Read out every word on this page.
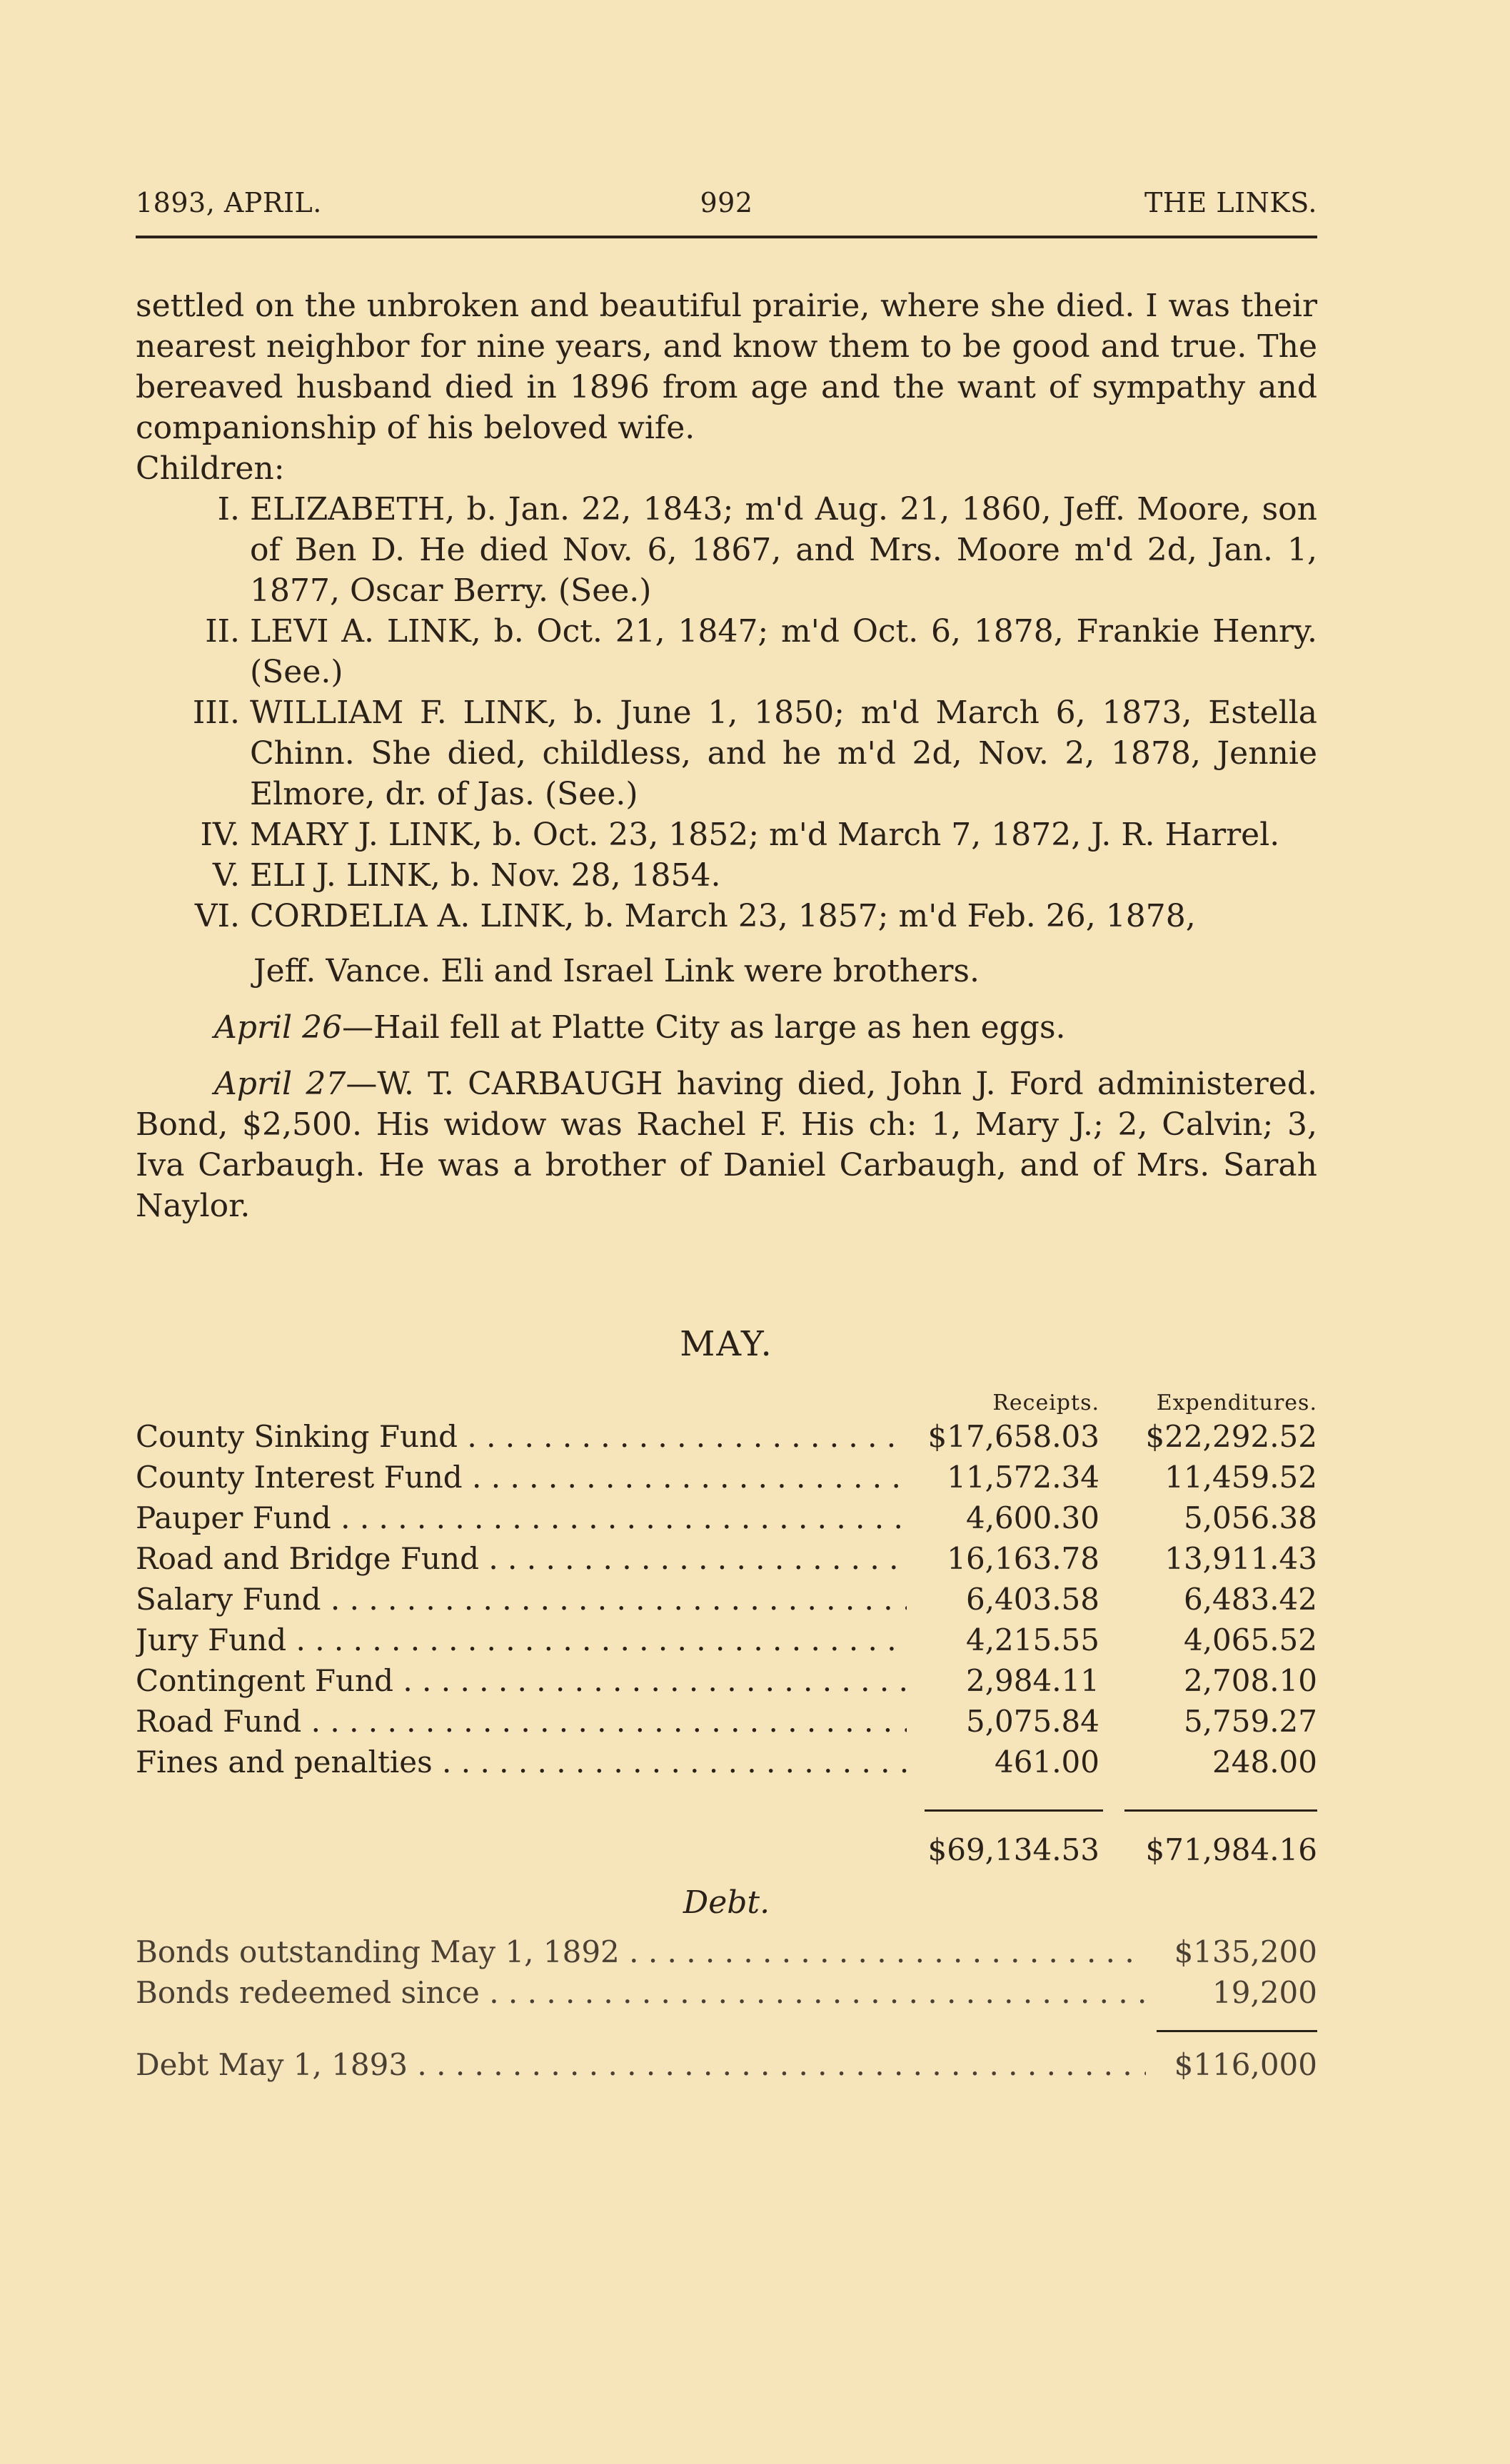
1893, APRIL.	992	THE LINKS.

settled on the unbroken and beautiful prairie, where she died. I was their nearest neighbor for nine years, and know them to be good and true. The bereaved husband died in 1896 from age and the want of sympathy and companionship of his beloved wife.

Children:

I. ELIZABETH, b. Jan. 22, 1843; m'd Aug. 21, 1860, Jeff. Moore, son of Ben D. He died Nov. 6, 1867, and Mrs. Moore m'd 2d, Jan. 1, 1877, Oscar Berry. (See.)
II. LEVI A. LINK, b. Oct. 21, 1847; m'd Oct. 6, 1878, Frankie Henry. (See.)
III. WILLIAM F. LINK, b. June 1, 1850; m'd March 6, 1873, Estella Chinn. She died, childless, and he m'd 2d, Nov. 2, 1878, Jennie Elmore, dr. of Jas. (See.)
IV. MARY J. LINK, b. Oct. 23, 1852; m'd March 7, 1872, J. R. Harrel.
V. ELI J. LINK, b. Nov. 28, 1854.
VI. CORDELIA A. LINK, b. March 23, 1857; m'd Feb. 26, 1878,

Jeff. Vance. Eli and Israel Link were brothers.

April 26—Hail fell at Platte City as large as hen eggs.

April 27—W. T. CARBAUGH having died, John J. Ford administered. Bond, $2,500. His widow was Rachel F. His ch: 1, Mary J.; 2, Calvin; 3, Iva Carbaugh. He was a brother of Daniel Carbaugh, and of Mrs. Sarah Naylor.

MAY.
Receipts.	Expenditures.
County Sinking Fund . . .	$17,658.03	$22,292.52
County Interest Fund . . .	11,572.34	11,459.52
Pauper Fund . . .	4,600.30	5,056.38
Road and Bridge Fund . . .	16,163.78	13,911.43
Salary Fund . . .	6,403.58	6,483.42
Jury Fund . . .	4,215.55	4,065.52
Contingent Fund . . .	2,984.11	2,708.10
Road Fund . . .	5,075.84	5,759.27
Fines and penalties . . .	461.00	248.00
$69,134.53	$71,984.16
Debt.
Bonds outstanding May 1, 1892 . . .	$135,200
Bonds redeemed since . . .	19,200
Debt May 1, 1893 . . .	$116,000
